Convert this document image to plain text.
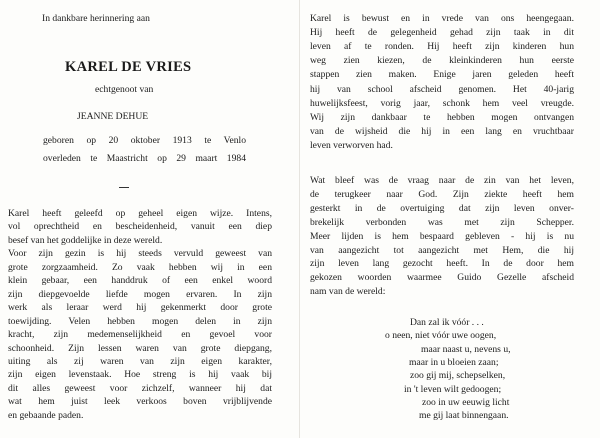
In dankbare herinnering aan
KAREL DE VRIES
echtgenoot van
JEANNE DEHUE
geboren op 20 oktober 1913 te Venlo
overleden te Maastricht op 29 maart 1984
Karel heeft geleefd op geheel eigen wijze. Intens,
vol oprechtheid en bescheidenheid, vanuit een diep
besef van het goddelijke in deze wereld.
Voor zijn gezin is hij steeds vervuld geweest van
grote zorgzaamheid. Zo vaak hebben wij in een
klein gebaar, een handdruk of een enkel woord
zijn diepgevoelde liefde mogen ervaren. In zijn
werk als leraar werd hij gekenmerkt door grote
toewijding. Velen hebben mogen delen in zijn
kracht, zijn medemenselijkheid en gevoel voor
schoonheid. Zijn lessen waren van grote diepgang,
uiting als zij waren van zijn eigen karakter,
zijn eigen levenstaak. Hoe streng is hij vaak bij
dit alles geweest voor zichzelf, wanneer hij dat
wat hem juist leek verkoos boven vrijblijvende
en gebaande paden.
Karel is bewust en in vrede van ons heengegaan.
Hij heeft de gelegenheid gehad zijn taak in dit
leven af te ronden. Hij heeft zijn kinderen hun
weg zien kiezen, de kleinkinderen hun eerste
stappen zien maken. Enige jaren geleden heeft
hij van school afscheid genomen. Het 40-jarig
huwelijksfeest, vorig jaar, schonk hem veel vreugde.
Wij zijn dankbaar te hebben mogen ontvangen
van de wijsheid die hij in een lang en vruchtbaar
leven verworven had.
Wat bleef was de vraag naar de zin van het leven,
de terugkeer naar God. Zijn ziekte heeft hem
gesterkt in de overtuiging dat zijn leven onver-
brekelijk verbonden was met zijn Schepper.
Meer lijden is hem bespaard gebleven - hij is nu
van aangezicht tot aangezicht met Hem, die hij
zijn leven lang gezocht heeft. In de door hem
gekozen woorden waarmee Guido Gezelle afscheid
nam van de wereld:
Dan zal ik vóór . . .
o neen, niet vóór uwe oogen,
maar naast u, nevens u,
maar in u bloeien zaan;
zoo gij mij, schepselken,
in 't leven wilt gedoogen;
zoo in uw eeuwig licht
me gij laat binnengaan.
